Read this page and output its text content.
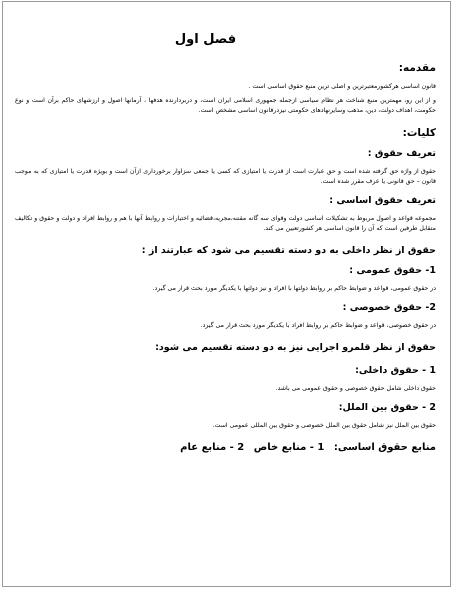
فصل اول
مقدمه:

قانون اساسی هرکشورمعتبرترین و اصلی ترین منبع حقوق اساسی است .

و از این رو، مهمترین منبع شناخت هر نظام سیاسی ازجمله جمهوری اسلامی ایران است، و دربردارنده هدفها ، آرمانها اصول و ارزشهای حاکم برآن است و نوع حکومت، اهداف دولت، دین، مذهب وسایرنهادهای حکومتی نیزدرقانون اساسی مشخص است.

کلیات:
تعریف حقوق :

حقوق از واژه حق گرفته شده است و حق عبارت است از قدرت یا امتیازی که کسی یا جمعی سزاوار برخورداری ازآن است و بویژه قدرت یا امتیازی که به موجب قانون – حق قانونی یا عرف مقرر شده است.

تعریف حقوق اساسی :

مجموعه قواعد و اصول مربوط به تشکیلات اساسی دولت وقوای سه گانه مقننه،مجریه،قضائیه و اختیارات و روابط آنها با هم و روابط افراد و دولت و حقوق و تکالیف متقابل طرفین است که آن را قانون اساسی هر کشورتعیین می کند.

حقوق از نظر داخلی به دو دسته تقسیم می شود که عبارتند از :
1- حقوق عمومی :

در حقوق عمومی، قواعد و ضوابط حاکم بر روابط دولتها با افراد و نیز دولتها با یکدیگر مورد بحث قرار می گیرد.

2- حقوق خصوصی :

در حقوق خصوصی، قواعد و ضوابط حاکم بر روابط افراد با یکدیگر مورد بحث قرار می گیرد.

حقوق از نظر قلمرو اجرایی نیز به دو دسته تقسیم می شود:
1 - حقوق داخلی:

حقوق داخلی شامل حقوق خصوصی و حقوق عمومی می باشد.

2 - حقوق بین الملل:

حقوق بین الملل نیز شامل حقوق بین الملل خصوصی و حقوق بین المللی عمومی است.

منابع حقوق اساسی: 1 - منابع خاص 2 - منابع عام
